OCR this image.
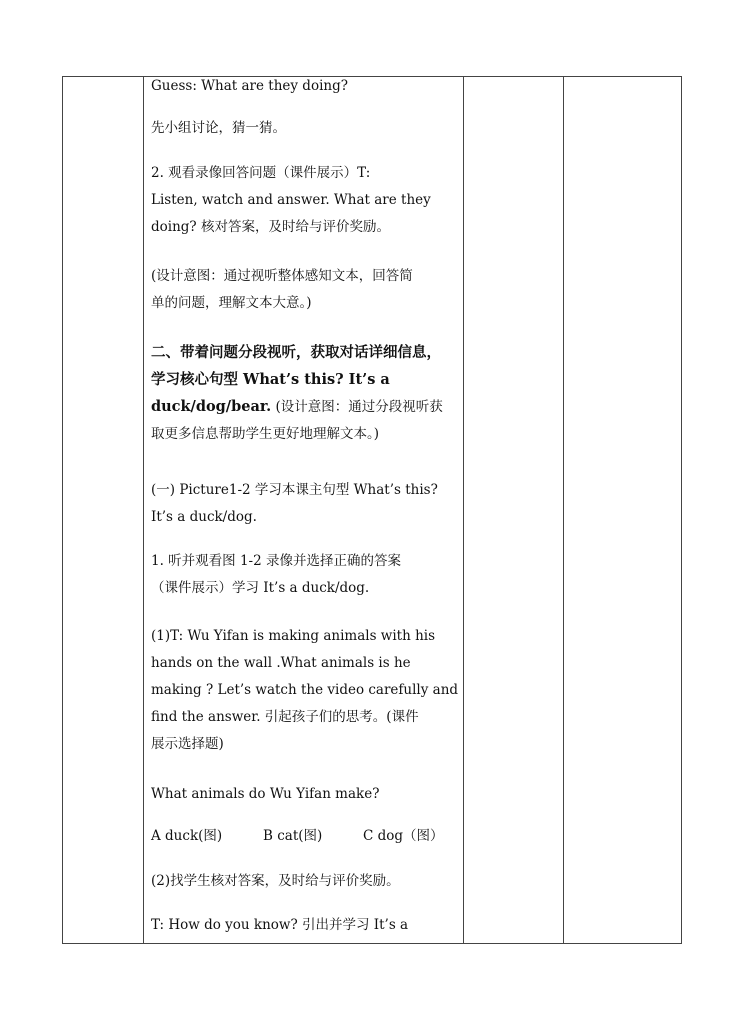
Guess: What are they doing?
先小组讨论，猜一猜。
2. 观看录像回答问题（课件展示）T:
Listen, watch and answer. What are they
doing? 核对答案，及时给与评价奖励。
(设计意图：通过视听整体感知文本，回答简
单的问题，理解文本大意。)
二、带着问题分段视听，获取对话详细信息，
学习核心句型 What’s this? It’s a
duck/dog/bear. (设计意图：通过分段视听获
取更多信息帮助学生更好地理解文本。)
(一) Picture1-2 学习本课主句型 What’s this?
It’s a duck/dog.
1. 听并观看图 1-2 录像并选择正确的答案
（课件展示）学习 It’s a duck/dog.
(1)T: Wu Yifan is making animals with his
hands on the wall .What animals is he
making ? Let’s watch the video carefully and
find the answer. 引起孩子们的思考。(课件
展示选择题)
What animals do Wu Yifan make?
A duck(图)	B cat(图)	C dog（图）
(2)找学生核对答案，及时给与评价奖励。
T: How do you know? 引出并学习 It’s a
